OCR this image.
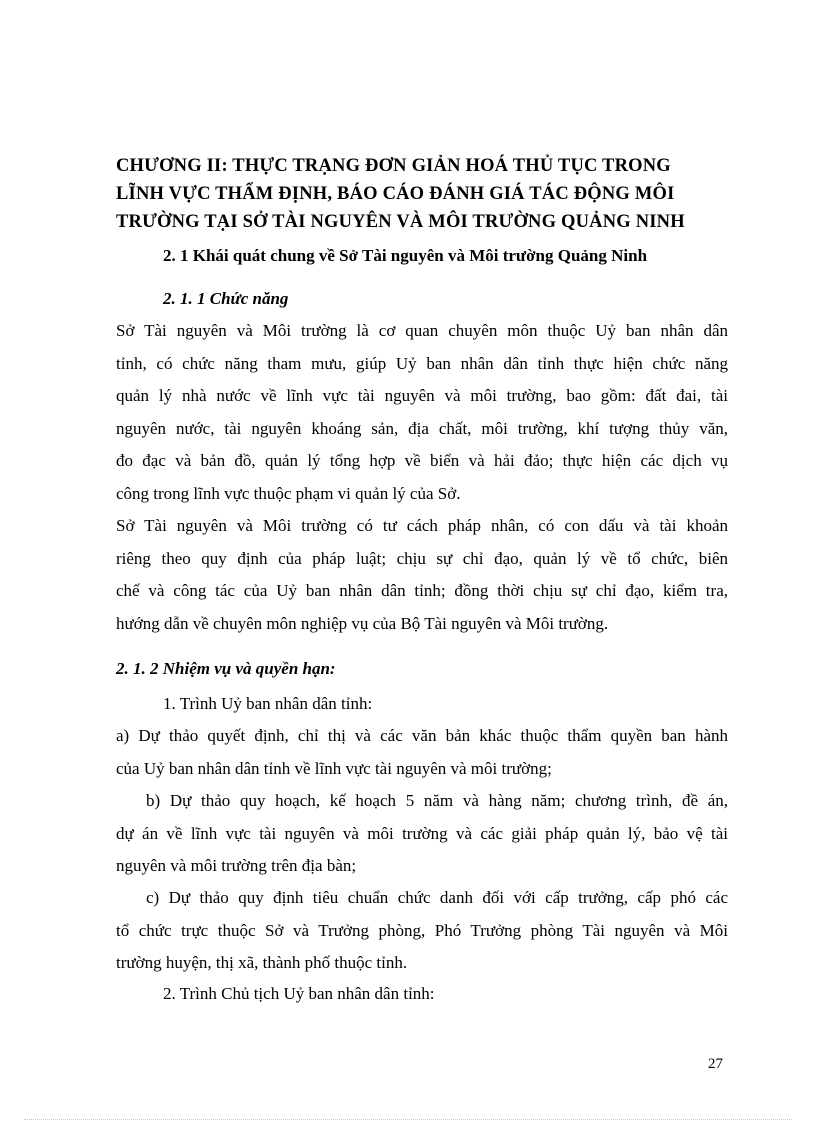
CHƯƠNG II: THỰC TRẠNG ĐƠN GIẢN HOÁ THỦ TỤC TRONG
LĨNH VỰC THẨM ĐỊNH, BÁO CÁO ĐÁNH GIÁ TÁC ĐỘNG MÔI
TRƯỜNG TẠI SỞ TÀI NGUYÊN VÀ MÔI TRƯỜNG QUẢNG NINH
2. 1 Khái quát chung về Sở Tài nguyên và Môi trường Quảng Ninh
2. 1. 1 Chức năng
Sở Tài nguyên và Môi trường là cơ quan chuyên môn thuộc Uỷ ban nhân dân
tỉnh, có chức năng tham mưu, giúp Uỷ ban nhân dân tỉnh thực hiện chức năng
quản lý nhà nước về lĩnh vực tài nguyên và môi trường, bao gồm: đất đai, tài
nguyên nước, tài nguyên khoáng sản, địa chất, môi trường, khí tượng thủy văn,
đo đạc và bản đồ, quản lý tổng hợp về biển và hải đảo; thực hiện các dịch vụ
công trong lĩnh vực thuộc phạm vi quản lý của Sở.
Sở Tài nguyên và Môi trường có tư cách pháp nhân, có con dấu và tài khoản
riêng theo quy định của pháp luật; chịu sự chỉ đạo, quản lý về tổ chức, biên
chế và công tác của Uỷ ban nhân dân tỉnh; đồng thời chịu sự chỉ đạo, kiểm tra,
hướng dẫn về chuyên môn nghiệp vụ của Bộ Tài nguyên và Môi trường.
2. 1. 2 Nhiệm vụ và quyền hạn:
1. Trình Uỷ ban nhân dân tỉnh:
a) Dự thảo quyết định, chỉ thị và các văn bản khác thuộc thẩm quyền ban hành
của Uỷ ban nhân dân tỉnh về lĩnh vực tài nguyên và môi trường;
b) Dự thảo quy hoạch, kế hoạch 5 năm và hàng năm; chương trình, đề án,
dự án về lĩnh vực tài nguyên và môi trường và các giải pháp quản lý, bảo vệ tài
nguyên và môi trường trên địa bàn;
c) Dự thảo quy định tiêu chuẩn chức danh đối với cấp trưởng, cấp phó các
tổ chức trực thuộc Sở và Trưởng phòng, Phó Trưởng phòng Tài nguyên và Môi
trường huyện, thị xã, thành phố thuộc tỉnh.
2. Trình Chủ tịch Uỷ ban nhân dân tỉnh:
27
